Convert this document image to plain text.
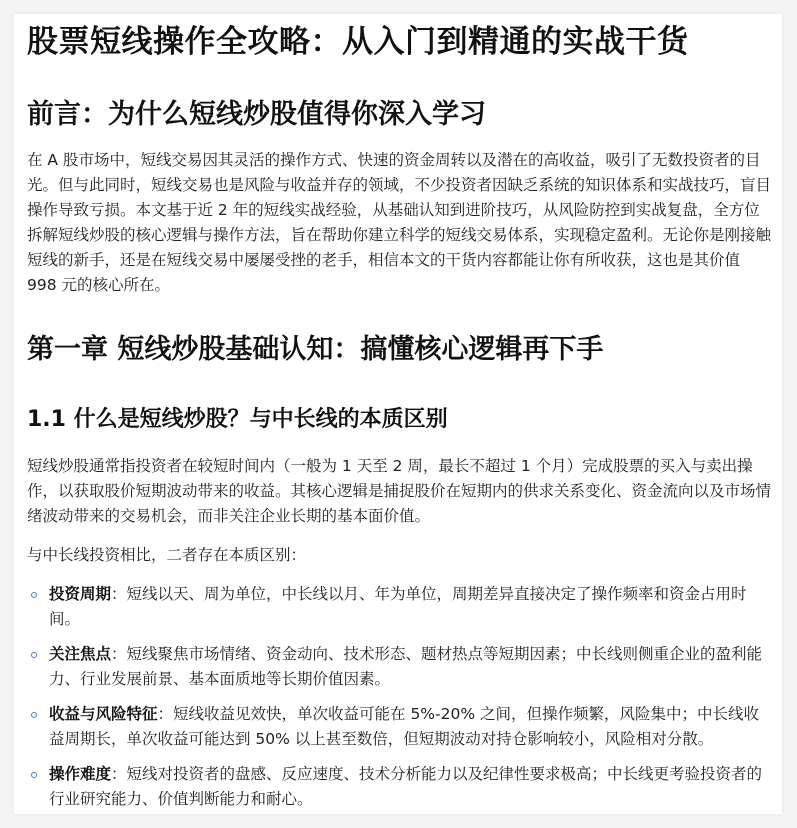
股票短线操作全攻略：从入门到精通的实战干货
前言：为什么短线炒股值得你深入学习

在 A 股市场中，短线交易因其灵活的操作方式、快速的资金周转以及潜在的高收益，吸引了无数投资者的目光。但与此同时，短线交易也是风险与收益并存的领域，不少投资者因缺乏系统的知识体系和实战技巧，盲目操作导致亏损。本文基于近 2 年的短线实战经验，从基础认知到进阶技巧，从风险防控到实战复盘，全方位拆解短线炒股的核心逻辑与操作方法，旨在帮助你建立科学的短线交易体系，实现稳定盈利。无论你是刚接触短线的新手，还是在短线交易中屡屡受挫的老手，相信本文的干货内容都能让你有所收获，这也是其价值 998 元的核心所在。

第一章 短线炒股基础认知：搞懂核心逻辑再下手
1.1 什么是短线炒股？与中长线的本质区别

短线炒股通常指投资者在较短时间内（一般为 1 天至 2 周，最长不超过 1 个月）完成股票的买入与卖出操作，以获取股价短期波动带来的收益。其核心逻辑是捕捉股价在短期内的供求关系变化、资金流向以及市场情绪波动带来的交易机会，而非关注企业长期的基本面价值。

与中长线投资相比，二者存在本质区别：

投资周期：短线以天、周为单位，中长线以月、年为单位，周期差异直接决定了操作频率和资金占用时间。
关注焦点：短线聚焦市场情绪、资金动向、技术形态、题材热点等短期因素；中长线则侧重企业的盈利能力、行业发展前景、基本面质地等长期价值因素。
收益与风险特征：短线收益见效快，单次收益可能在 5%-20% 之间，但操作频繁，风险集中；中长线收益周期长，单次收益可能达到 50% 以上甚至数倍，但短期波动对持仓影响较小，风险相对分散。
操作难度：短线对投资者的盘感、反应速度、技术分析能力以及纪律性要求极高；中长线更考验投资者的行业研究能力、价值判断能力和耐心。
